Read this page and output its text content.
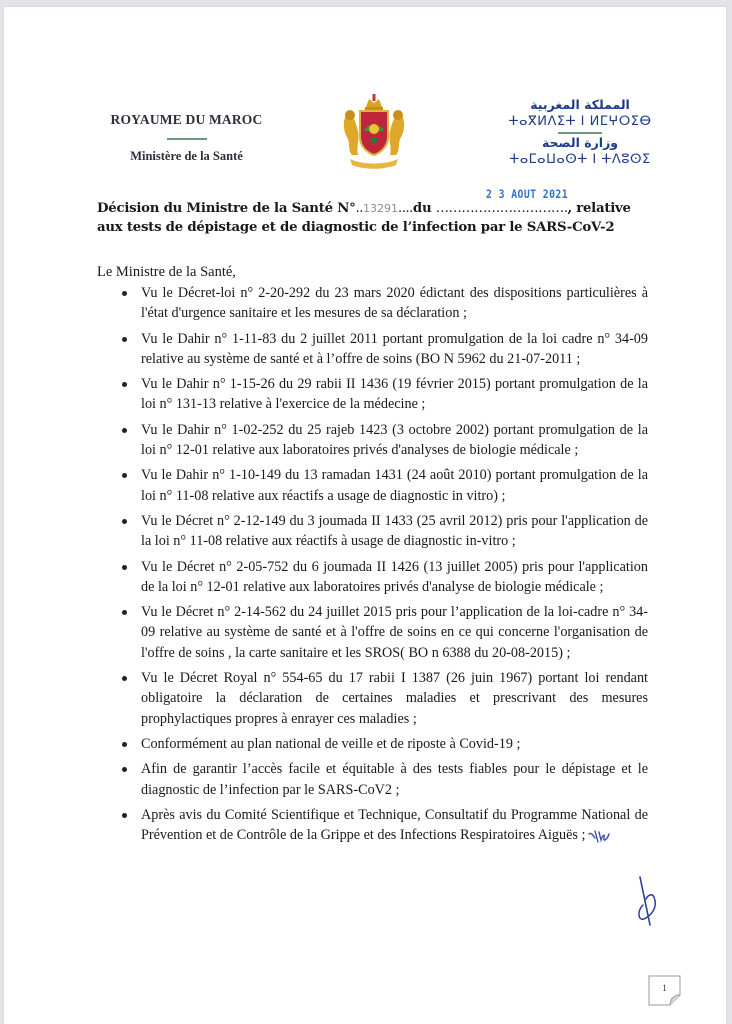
ROYAUME DU MAROC
Ministère de la Santé
المملكة المغربية
ⵜⴰⴳⵍⴷⵉⵜ ⵏ ⵍⵎⵖⵔⵉⴱ
وزارة الصحة
ⵜⴰⵎⴰⵡⴰⵙⵜ ⵏ ⵜⴷⵓⵙⵉ
2 3 AOUT 2021
Décision du Ministre de la Santé N°..13291....du …………………………., relative
aux tests de dépistage et de diagnostic de l’infection par le SARS-CoV-2
Le Ministre de la Santé,
Vu le Décret-loi n° 2-20-292 du 23 mars 2020 édictant des dispositions particulières à l'état d'urgence sanitaire et les mesures de sa déclaration ;
Vu le Dahir n° 1-11-83 du 2 juillet 2011 portant promulgation de la loi cadre n° 34-09 relative au système de santé et à l’offre de soins (BO N 5962 du 21-07-2011 ;
Vu le Dahir n° 1-15-26 du 29 rabii II 1436 (19 février 2015) portant promulgation de la loi n° 131-13 relative à l'exercice de la médecine ;
Vu le Dahir n° 1-02-252 du 25 rajeb 1423 (3 octobre 2002) portant promulgation de la loi n° 12-01 relative aux laboratoires privés d'analyses de biologie médicale ;
Vu le Dahir n° 1-10-149 du 13 ramadan 1431 (24 août 2010) portant promulgation de la loi n° 11-08 relative aux réactifs a usage de diagnostic in vitro) ;
Vu le Décret n° 2-12-149 du 3 joumada II 1433 (25 avril 2012) pris pour l'application de la loi n° 11-08 relative aux réactifs à usage de diagnostic in-vitro ;
Vu le Décret n° 2-05-752 du 6 joumada II 1426 (13 juillet 2005) pris pour l'application de la loi n° 12-01 relative aux laboratoires privés d'analyse de biologie médicale ;
Vu le Décret n° 2-14-562 du 24 juillet 2015 pris pour l’application de la loi-cadre n° 34-09 relative au système de santé et à l'offre de soins en ce qui concerne l'organisation de l'offre de soins , la carte sanitaire et les SROS( BO n 6388 du 20-08-2015) ;
Vu le Décret Royal n° 554-65 du 17 rabii I 1387 (26 juin 1967) portant loi rendant obligatoire la déclaration de certaines maladies et prescrivant des mesures prophylactiques propres à enrayer ces maladies ;
Conformément au plan national de veille et de riposte à Covid-19 ;
Afin de garantir l’accès facile et équitable à des tests fiables pour le dépistage et le diagnostic de l’infection par le SARS-CoV2 ;
Après avis du Comité Scientifique et Technique, Consultatif du Programme National de Prévention et de Contrôle de la Grippe et des Infections Respiratoires Aiguës ;
1
